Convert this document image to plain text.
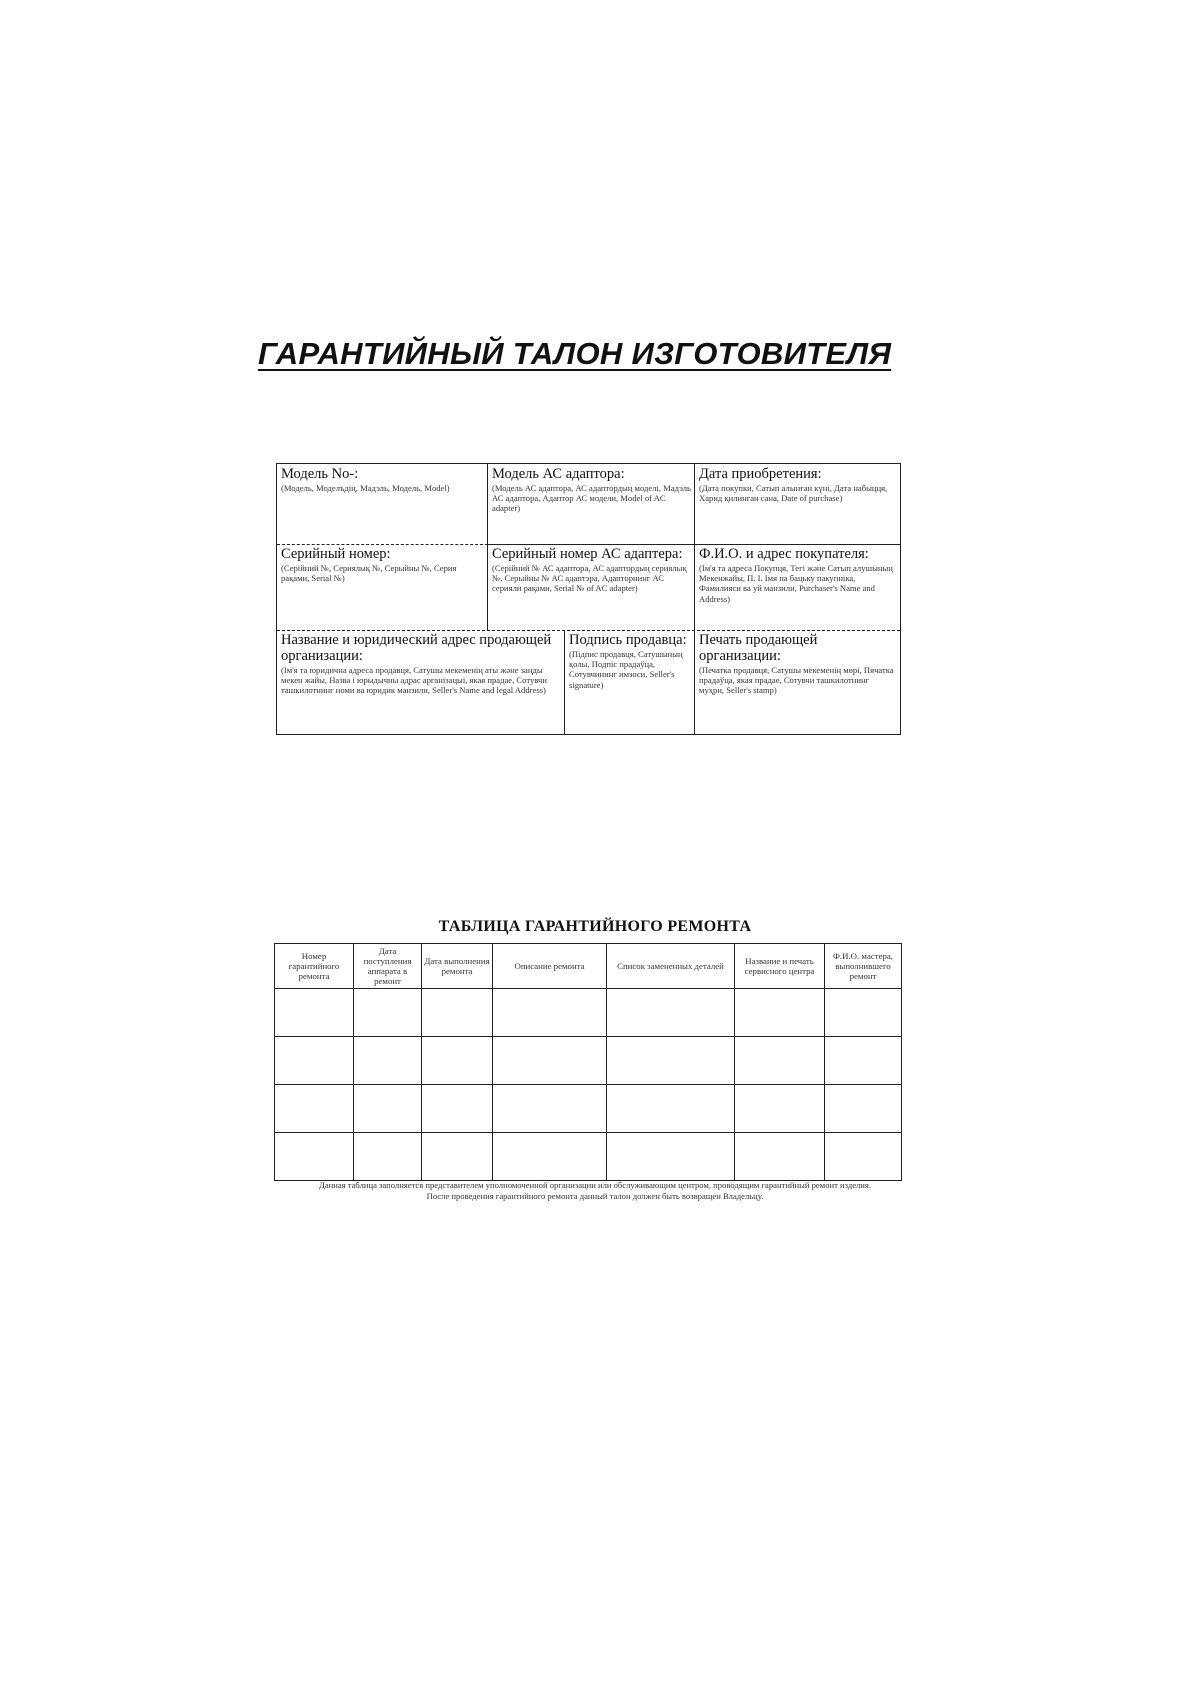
ГАРАНТИЙНЫЙ ТАЛОН ИЗГОТОВИТЕЛЯ
Модель No-:
(Модель, Моделъдің, Мадэль, Модель, Model)
Модель АС адаптора:
(Модель АС адаптора, АС адаптордың моделі, Мадэль АС адаптора, Адаптор АС модели, Model of AC adapter)
Дата приобретения:
(Дата покупки, Сатып алынған күні, Дата набыцця, Харид қилинган сана, Date of purchase)
Серийный номер:
(Серійний №, Сериялық №, Серыйны №, Серия рақами, Serial №)
Серийный номер АС адаптера:
(Серійний № АС адаптора, АС адаптордың сериялық №, Серыйны № АС адаптэра, Адапторнинг АС серияли рақами, Serial № of AC adapter)
Ф.И.О. и адрес покупателя:
(Ім'я та адреса Покупця, Тегі және Сатып алушының Мекенжайы, П. І. Імя па бацьку пакупніка, Фамилияси ва уй манзили, Purchaser's Name and Address)
Название и юридический адрес продающей организации:
(Ім'я та юридична адреса продавця, Сатушы мекеменің аты және заңды мекен жайы, Назва і юрыдычны адрас арганізацыі, якая прадае, Сотувчи ташкилотнинг номи ва юридик манзили, Seller's Name and legal Address)
Подпись продавца:
(Підпис продавця, Сатушының қолы, Подпіс прадаўца, Сотувчининг имзоси, Seller's signature)
Печать продающей организации:
(Печатка продавця, Сатушы мекеменің мөрі, Пячатка прадаўца, якая прадае, Сотувчи ташкилотнинг муҳри, Seller's stamp)
ТАБЛИЦА ГАРАНТИЙНОГО РЕМОНТА
Номер гарантийного ремонта	Дата поступления аппарата в ремонт	Дата выполнения ремонта	Описание ремонта	Список замененных деталей	Название и печать сервисного центра	Ф.И.О. мастера, выполнившего ремонт

Данная таблица заполняется представителем уполномоченной организации или обслуживающим центром, проводящим гарантийный ремонт изделия.
После проведения гарантийного ремонта данный талон должен быть возвращен Владельцу.
